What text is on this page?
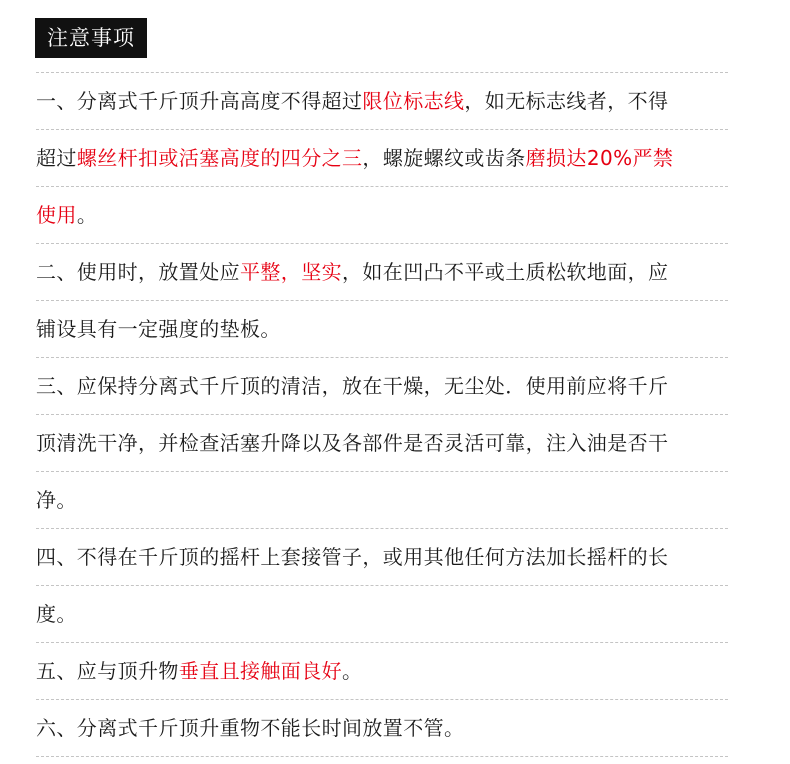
注意事项
一、分离式千斤顶升高高度不得超过限位标志线，如无标志线者，不得
超过螺丝杆扣或活塞高度的四分之三，螺旋螺纹或齿条磨损达20%严禁
使用。
二、使用时，放置处应平整，坚实，如在凹凸不平或土质松软地面，应
铺设具有一定强度的垫板。
三、应保持分离式千斤顶的清洁，放在干燥，无尘处．使用前应将千斤
顶清洗干净，并检查活塞升降以及各部件是否灵活可靠，注入油是否干
净。
四、不得在千斤顶的摇杆上套接管子，或用其他任何方法加长摇杆的长
度。
五、应与顶升物垂直且接触面良好。
六、分离式千斤顶升重物不能长时间放置不管。
